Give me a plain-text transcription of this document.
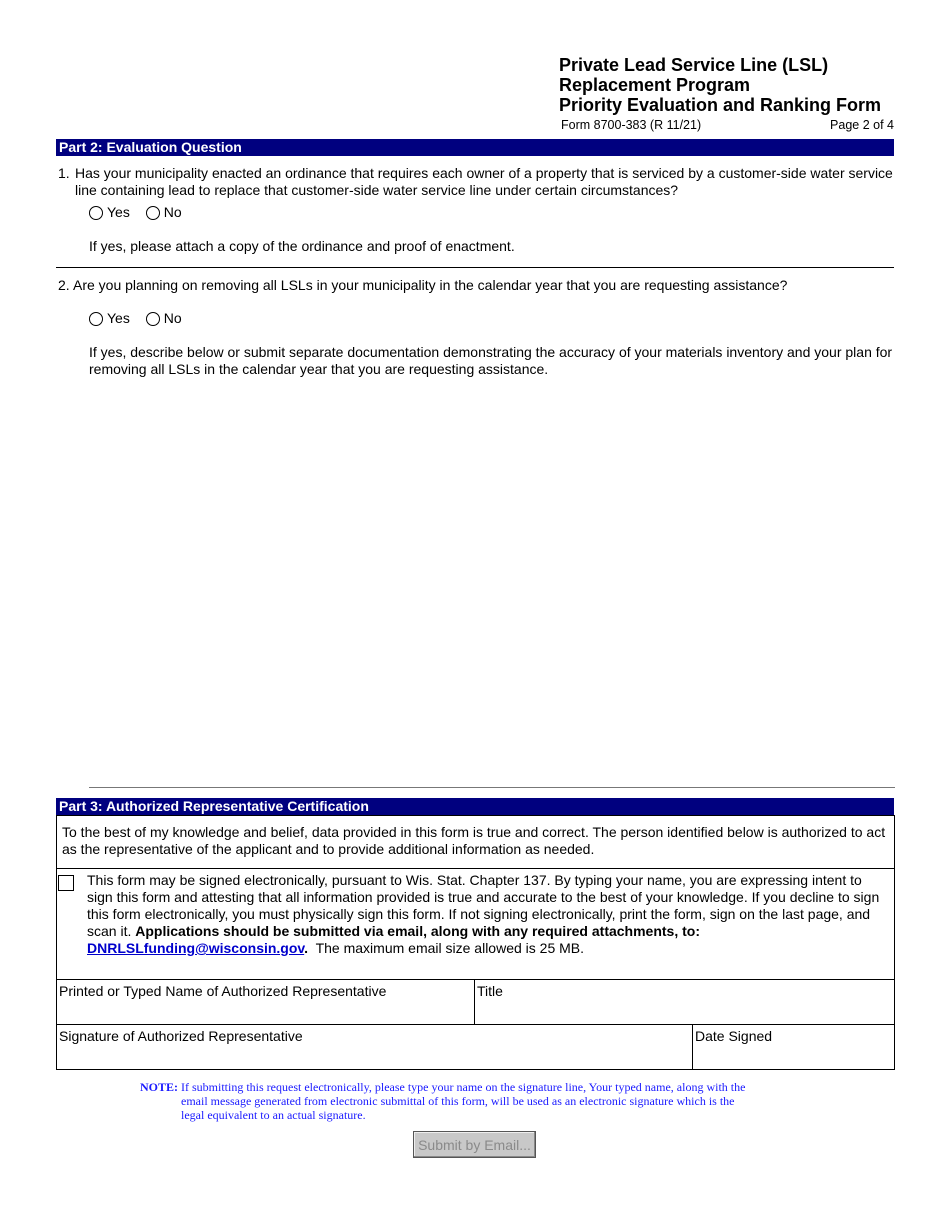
Private Lead Service Line (LSL)
Replacement Program
Priority Evaluation and Ranking Form
Form 8700-383 (R 11/21)	Page 2 of 4
Part 2: Evaluation Question
1. Has your municipality enacted an ordinance that requires each owner of a property that is serviced by a customer-side water service
line containing lead to replace that customer-side water service line under certain circumstances?
Yes No
If yes, please attach a copy of the ordinance and proof of enactment.
2. Are you planning on removing all LSLs in your municipality in the calendar year that you are requesting assistance?
Yes No
If yes, describe below or submit separate documentation demonstrating the accuracy of your materials inventory and your plan for
removing all LSLs in the calendar year that you are requesting assistance.
Part 3: Authorized Representative Certification
To the best of my knowledge and belief, data provided in this form is true and correct. The person identified below is authorized to act
as the representative of the applicant and to provide additional information as needed.
This form may be signed electronically, pursuant to Wis. Stat. Chapter 137. By typing your name, you are expressing intent to
sign this form and attesting that all information provided is true and accurate to the best of your knowledge. If you decline to sign
this form electronically, you must physically sign this form. If not signing electronically, print the form, sign on the last page, and
scan it. Applications should be submitted via email, along with any required attachments, to:
DNRLSLfunding@wisconsin.gov.  The maximum email size allowed is 25 MB.
Printed or Typed Name of Authorized Representative	Title
Signature of Authorized Representative	Date Signed
NOTE: If submitting this request electronically, please type your name on the signature line, Your typed name, along with the
email message generated from electronic submittal of this form, will be used as an electronic signature which is the
legal equivalent to an actual signature.
Submit by Email...
